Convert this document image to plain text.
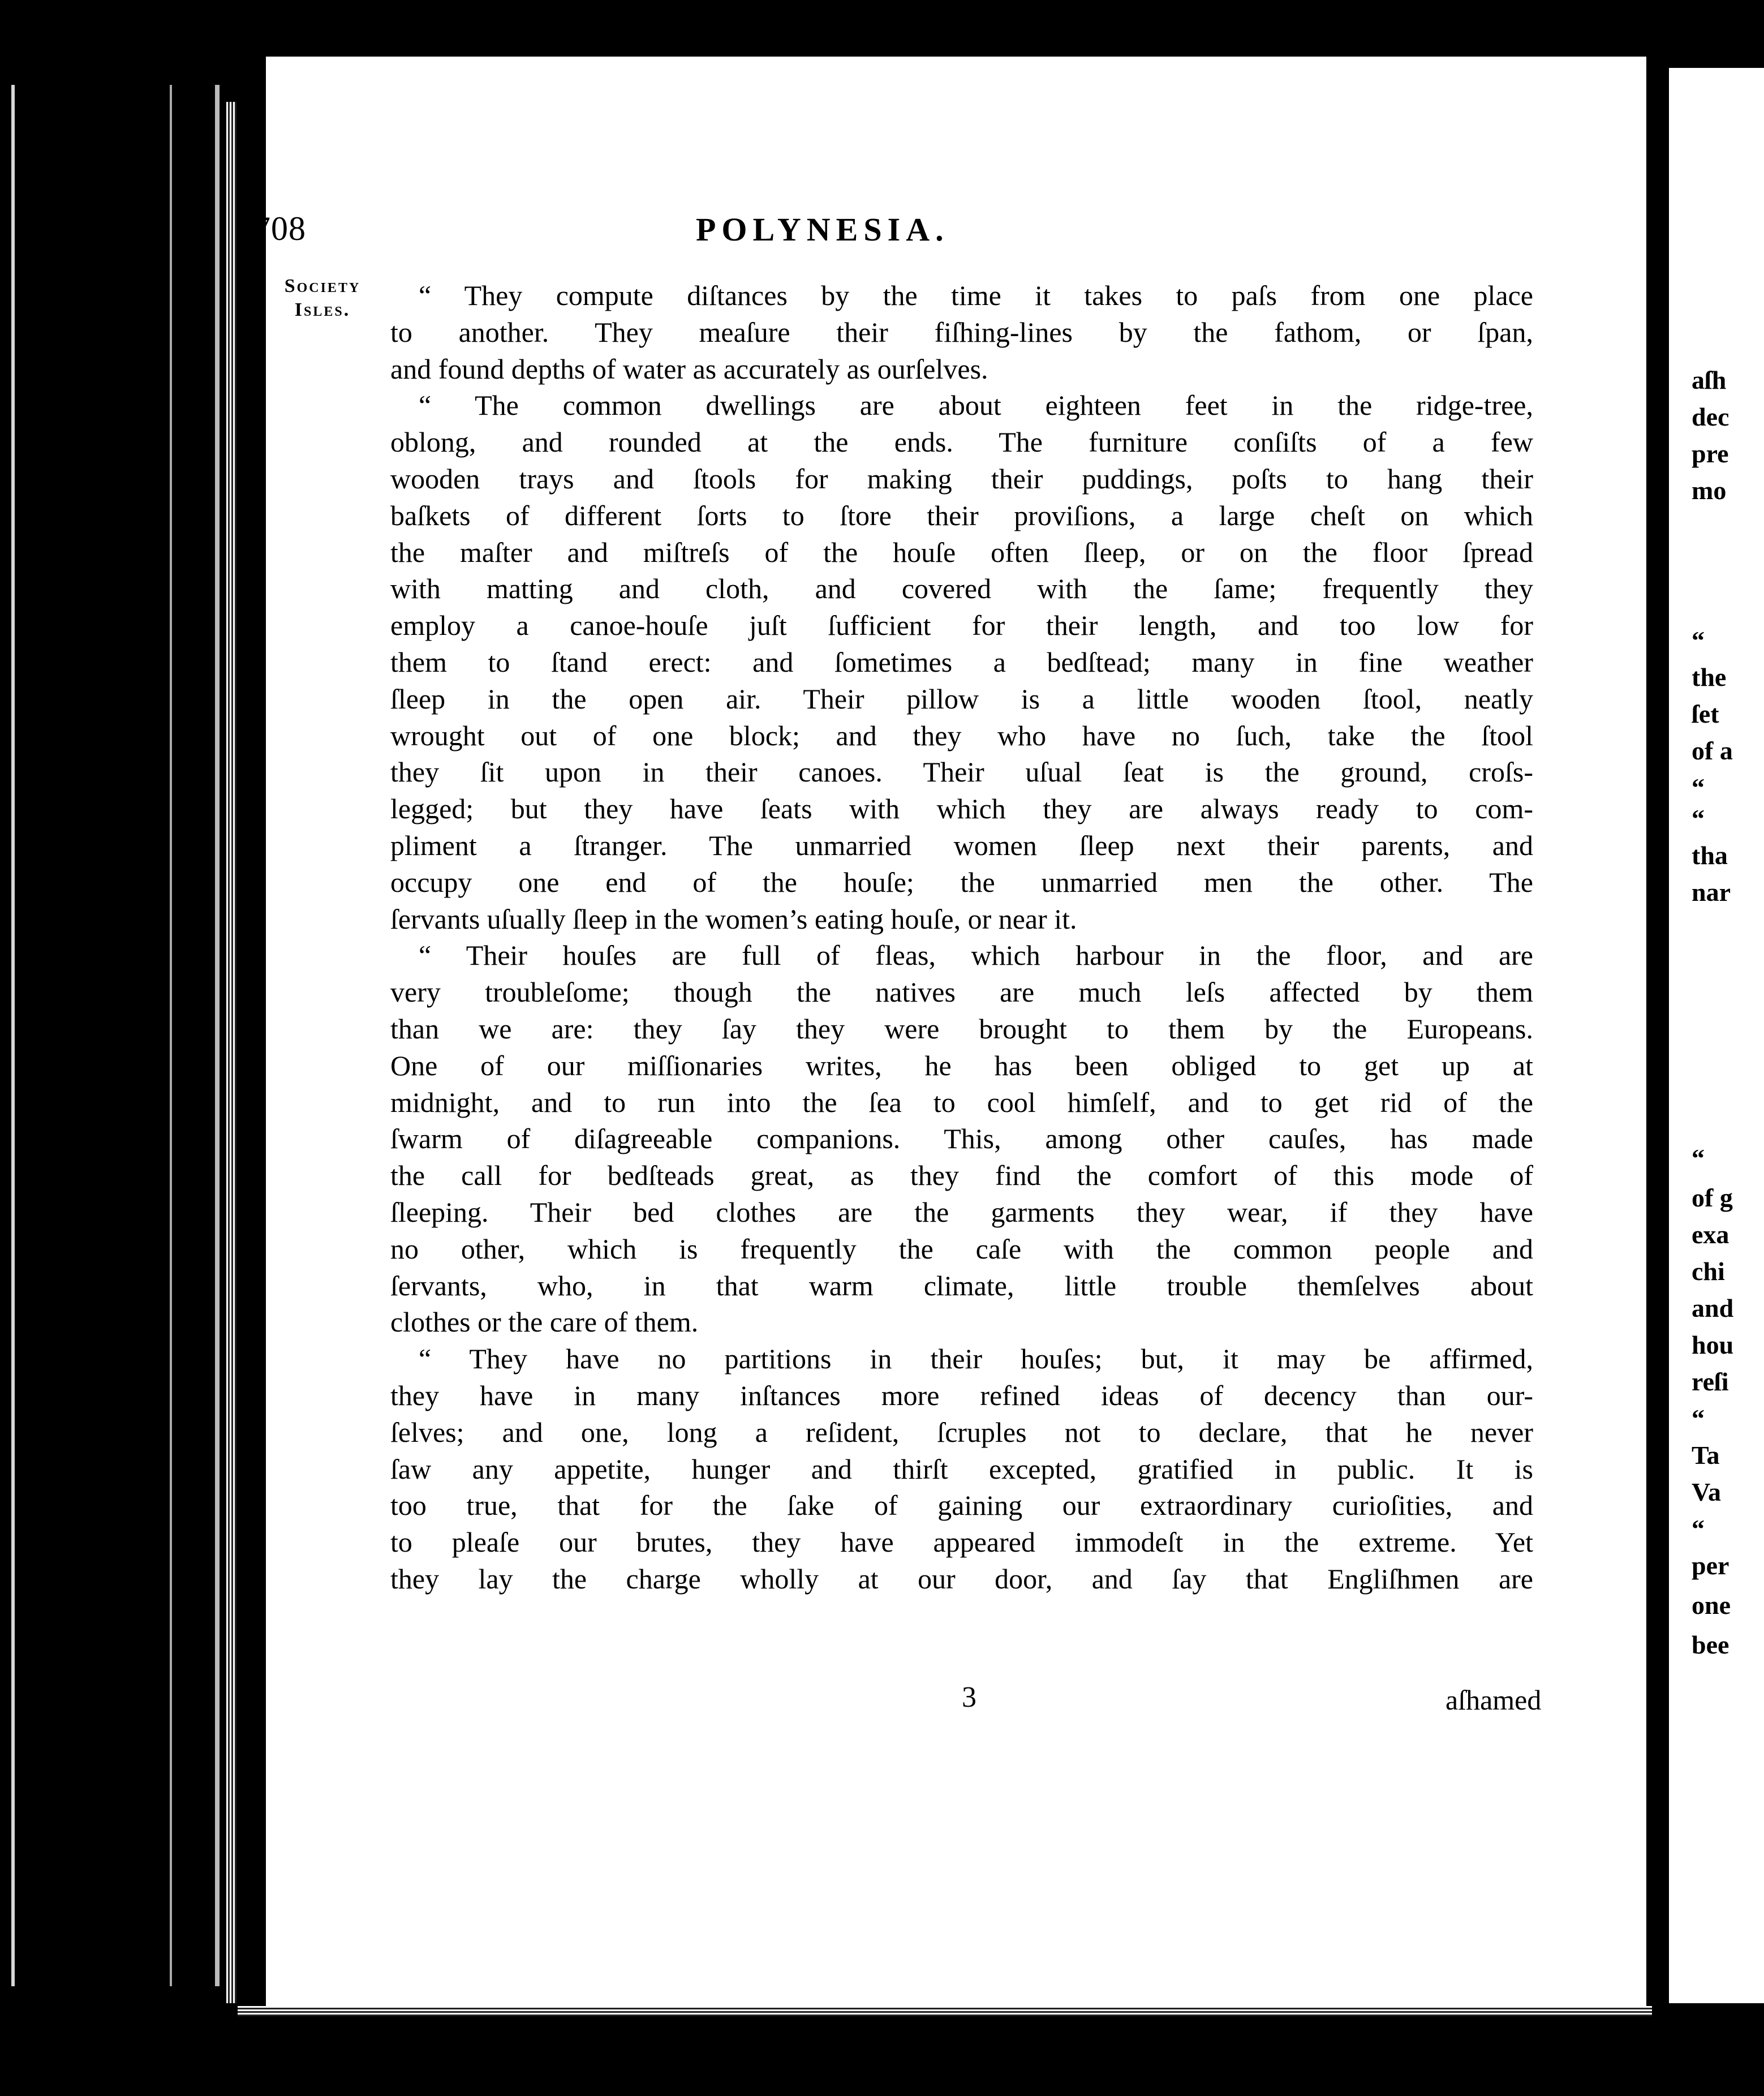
708	POLYNESIA.
Society
Isles.	“ They compute diſtances by the time it takes to paſs from one place
to another. They meaſure their fiſhing-lines by the fathom, or ſpan,
and found depths of water as accurately as ourſelves.

“ The common dwellings are about eighteen feet in the ridge-tree,
oblong, and rounded at the ends. The furniture conſiſts of a few
wooden trays and ſtools for making their puddings, poſts to hang their
baſkets of different ſorts to ſtore their proviſions, a large cheſt on which
the maſter and miſtreſs of the houſe often ſleep, or on the floor ſpread
with matting and cloth, and covered with the ſame; frequently they
employ a canoe-houſe juſt ſufficient for their length, and too low for
them to ſtand erect: and ſometimes a bedſtead; many in fine weather
ſleep in the open air. Their pillow is a little wooden ſtool, neatly
wrought out of one block; and they who have no ſuch, take the ſtool
they ſit upon in their canoes. Their uſual ſeat is the ground, croſs-
legged; but they have ſeats with which they are always ready to com-
pliment a ſtranger. The unmarried women ſleep next their parents, and
occupy one end of the houſe; the unmarried men the other. The
ſervants uſually ſleep in the women’s eating houſe, or near it.

“ Their houſes are full of fleas, which harbour in the floor, and are
very troubleſome; though the natives are much leſs affected by them
than we are: they ſay they were brought to them by the Europeans.
One of our miſſionaries writes, he has been obliged to get up at
midnight, and to run into the ſea to cool himſelf, and to get rid of the
ſwarm of diſagreeable companions. This, among other cauſes, has made
the call for bedſteads great, as they find the comfort of this mode of
ſleeping. Their bed clothes are the garments they wear, if they have
no other, which is frequently the caſe with the common people and
ſervants, who, in that warm climate, little trouble themſelves about
clothes or the care of them.

“ They have no partitions in their houſes; but, it may be affirmed,
they have in many inſtances more refined ideas of decency than our-
ſelves; and one, long a reſident, ſcruples not to declare, that he never
ſaw any appetite, hunger and thirſt excepted, gratified in public. It is
too true, that for the ſake of gaining our extraordinary curioſities, and
to pleaſe our brutes, they have appeared immodeſt in the extreme. Yet
they lay the charge wholly at our door, and ſay that Engliſhmen are

3	aſhamed
aſh
dec
pre
mo
“
the
ſet
of a
“
“
tha
nar
“
of g
exa
chi
and
hou
reſi
“
Ta
Va
“
per
one
bee
